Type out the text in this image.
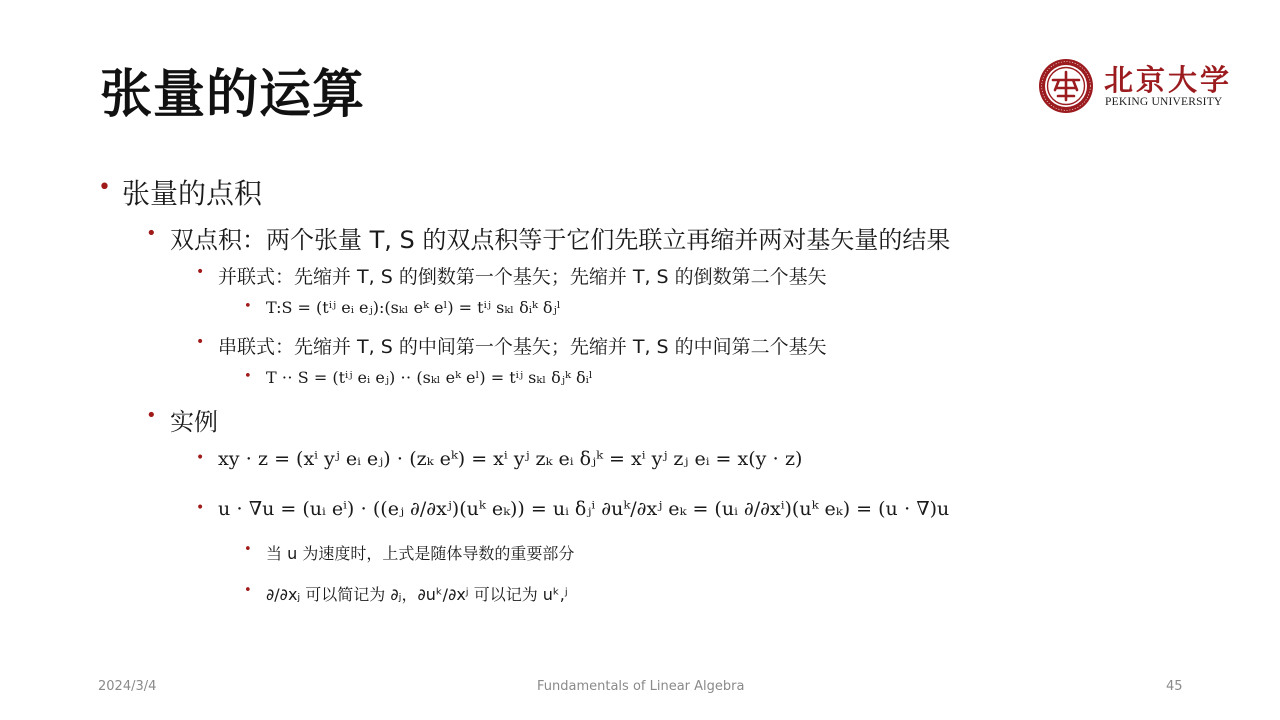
张量的运算	北京大学
PEKING UNIVERSITY
• 张量的点积
• 双点积：两个张量 T, S 的双点积等于它们先联立再缩并两对基矢量的结果
• 并联式：先缩并 T, S 的倒数第一个基矢；先缩并 T, S 的倒数第二个基矢
• T:S = (tⁱʲ eᵢ eⱼ):(sₖₗ eᵏ eˡ) = tⁱʲ sₖₗ δᵢᵏ δⱼˡ
• 串联式：先缩并 T, S 的中间第一个基矢；先缩并 T, S 的中间第二个基矢
• T ⋅⋅ S = (tⁱʲ eᵢ eⱼ) ⋅⋅ (sₖₗ eᵏ eˡ) = tⁱʲ sₖₗ δⱼᵏ δᵢˡ
• 实例
• xy ⋅ z = (xⁱ yʲ eᵢ eⱼ) ⋅ (zₖ eᵏ) = xⁱ yʲ zₖ eᵢ δⱼᵏ = xⁱ yʲ zⱼ eᵢ = x(y ⋅ z)
• u ⋅ ∇u = (uᵢ eⁱ) ⋅ ((eⱼ ∂/∂xʲ)(uᵏ eₖ)) = uᵢ δⱼⁱ ∂uᵏ/∂xʲ eₖ = (uᵢ ∂/∂xⁱ)(uᵏ eₖ) = (u ⋅ ∇)u
• 当 u 为速度时，上式是随体导数的重要部分
• ∂/∂xⱼ 可以简记为 ∂ⱼ，∂uᵏ/∂xʲ 可以记为 uᵏ,ʲ
2024/3/4	Fundamentals of Linear Algebra	45
